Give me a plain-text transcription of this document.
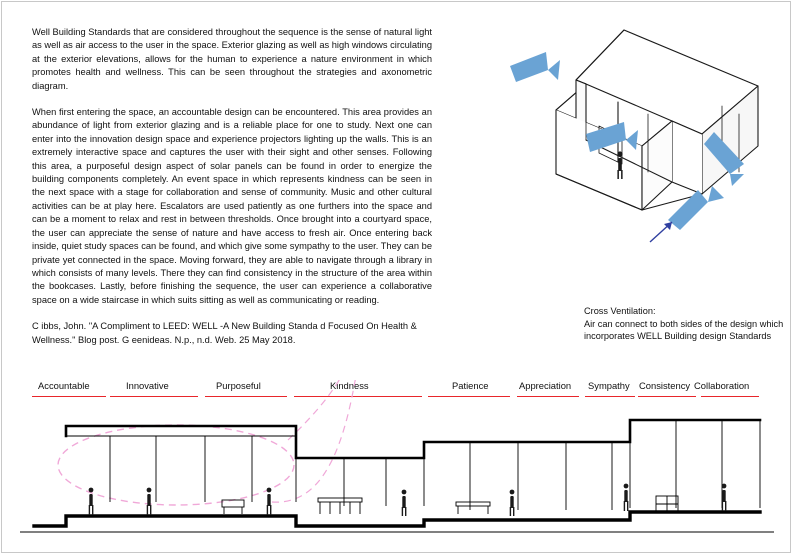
Well Building Standards that are considered throughout the sequence is the sense of natural light as well as air access to the user in the space. Exterior glazing as well as high windows circulating at the exterior elevations, allows for the human to experience a nature environment in which promotes health and wellness. This can be seen throughout the strategies and axonometric diagram.

When first entering the space, an accountable design can be encountered. This area provides an abundance of light from exterior glazing and is a reliable place for one to study. Next one can enter into the innovation design space and experience projectors lighting up the walls. This is an extremely interactive space and captures the user with their sight and other senses. Following this area, a purposeful design aspect of solar panels can be found in order to energize the building components completely. An event space in which represents kindness can be seen in the next space with a stage for collaboration and sense of community. Music and other cultural activities can be at play here. Escalators are used patiently as one furthers into the space and can be a moment to relax and rest in between thresholds. Once brought into a courtyard space, the user can appreciate the sense of nature and have access to fresh air. Once entering back inside, quiet study spaces can be found, and which give some sympathy to the user. They can be private yet connected in the space. Moving forward, they are able to navigate through a library in which consists of many levels. There they can find consistency in the structure of the area within the bookcases. Lastly, before finishing the sequence, the user can experience a collaborative space on a wide staircase in which suits sitting as well as communicating or reading.

C ibbs, John. "A Compliment to LEED: WELL -A New Building Standa d Focused On Health & Wellness." Blog post. G eenideas. N.p., n.d. Web. 25 May 2018.

Cross Ventilation:
Air can connect to both sides of the design which incorporates WELL Building design Standards
Accountable	Innovative	Purposeful	Kindness	Patience	Appreciation Sympathy Consistency Collaboration
